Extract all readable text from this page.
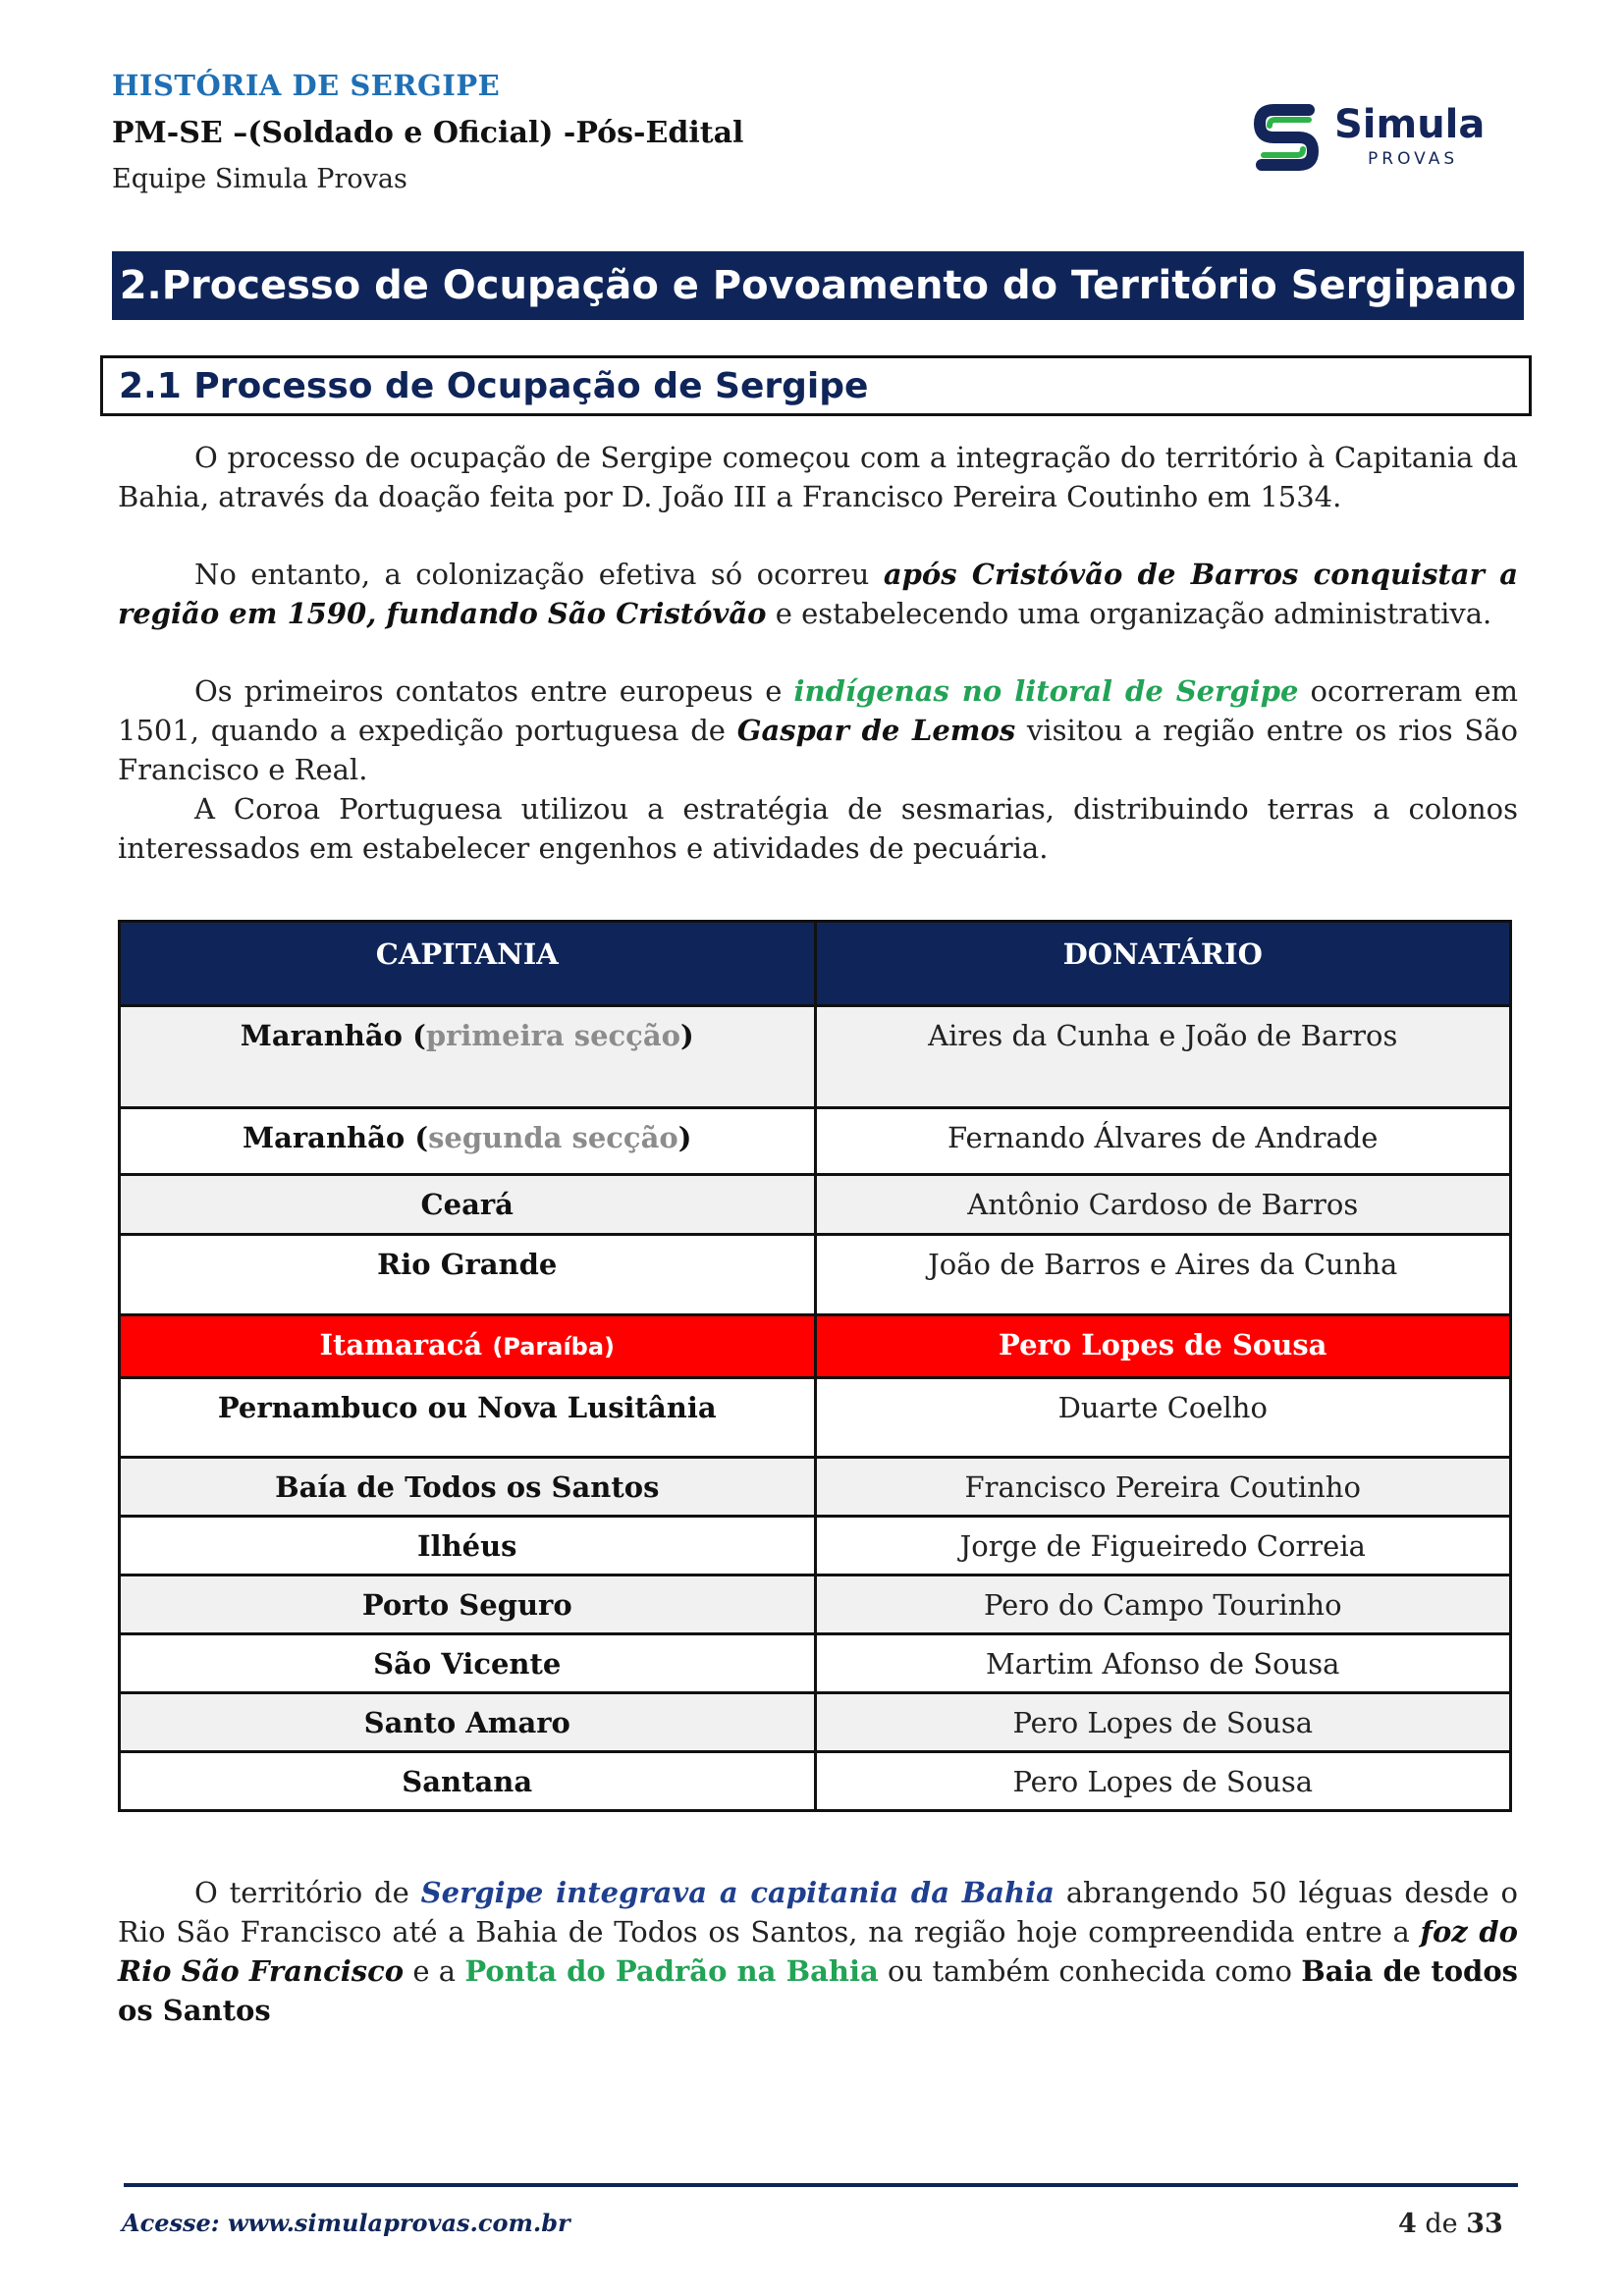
HISTÓRIA DE SERGIPE
PM-SE –(Soldado e Oficial) -Pós-Edital
Equipe Simula Provas
Simula
PROVAS
2.Processo de Ocupação e Povoamento do Território Sergipano
2.1 Processo de Ocupação de Sergipe

O processo de ocupação de Sergipe começou com a integração do território à Capitania da Bahia, através da doação feita por D. João III a Francisco Pereira Coutinho em 1534.

No entanto, a colonização efetiva só ocorreu após Cristóvão de Barros conquistar a região em 1590, fundando São Cristóvão e estabelecendo uma organização administrativa.

Os primeiros contatos entre europeus e indígenas no litoral de Sergipe ocorreram em 1501, quando a expedição portuguesa de Gaspar de Lemos visitou a região entre os rios São Francisco e Real.

A Coroa Portuguesa utilizou a estratégia de sesmarias, distribuindo terras a colonos interessados em estabelecer engenhos e atividades de pecuária.

CAPITANIA	DONATÁRIO
Maranhão (primeira secção)	Aires da Cunha e João de Barros
Maranhão (segunda secção)	Fernando Álvares de Andrade
Ceará	Antônio Cardoso de Barros
Rio Grande	João de Barros e Aires da Cunha
Itamaracá (Paraíba)	Pero Lopes de Sousa
Pernambuco ou Nova Lusitânia	Duarte Coelho
Baía de Todos os Santos	Francisco Pereira Coutinho
Ilhéus	Jorge de Figueiredo Correia
Porto Seguro	Pero do Campo Tourinho
São Vicente	Martim Afonso de Sousa
Santo Amaro	Pero Lopes de Sousa
Santana	Pero Lopes de Sousa

O território de Sergipe integrava a capitania da Bahia abrangendo 50 léguas desde o Rio São Francisco até a Bahia de Todos os Santos, na região hoje compreendida entre a foz do Rio São Francisco e a Ponta do Padrão na Bahia ou também conhecida como Baia de todos os Santos

Acesse: www.simulaprovas.com.br	4 de 33
